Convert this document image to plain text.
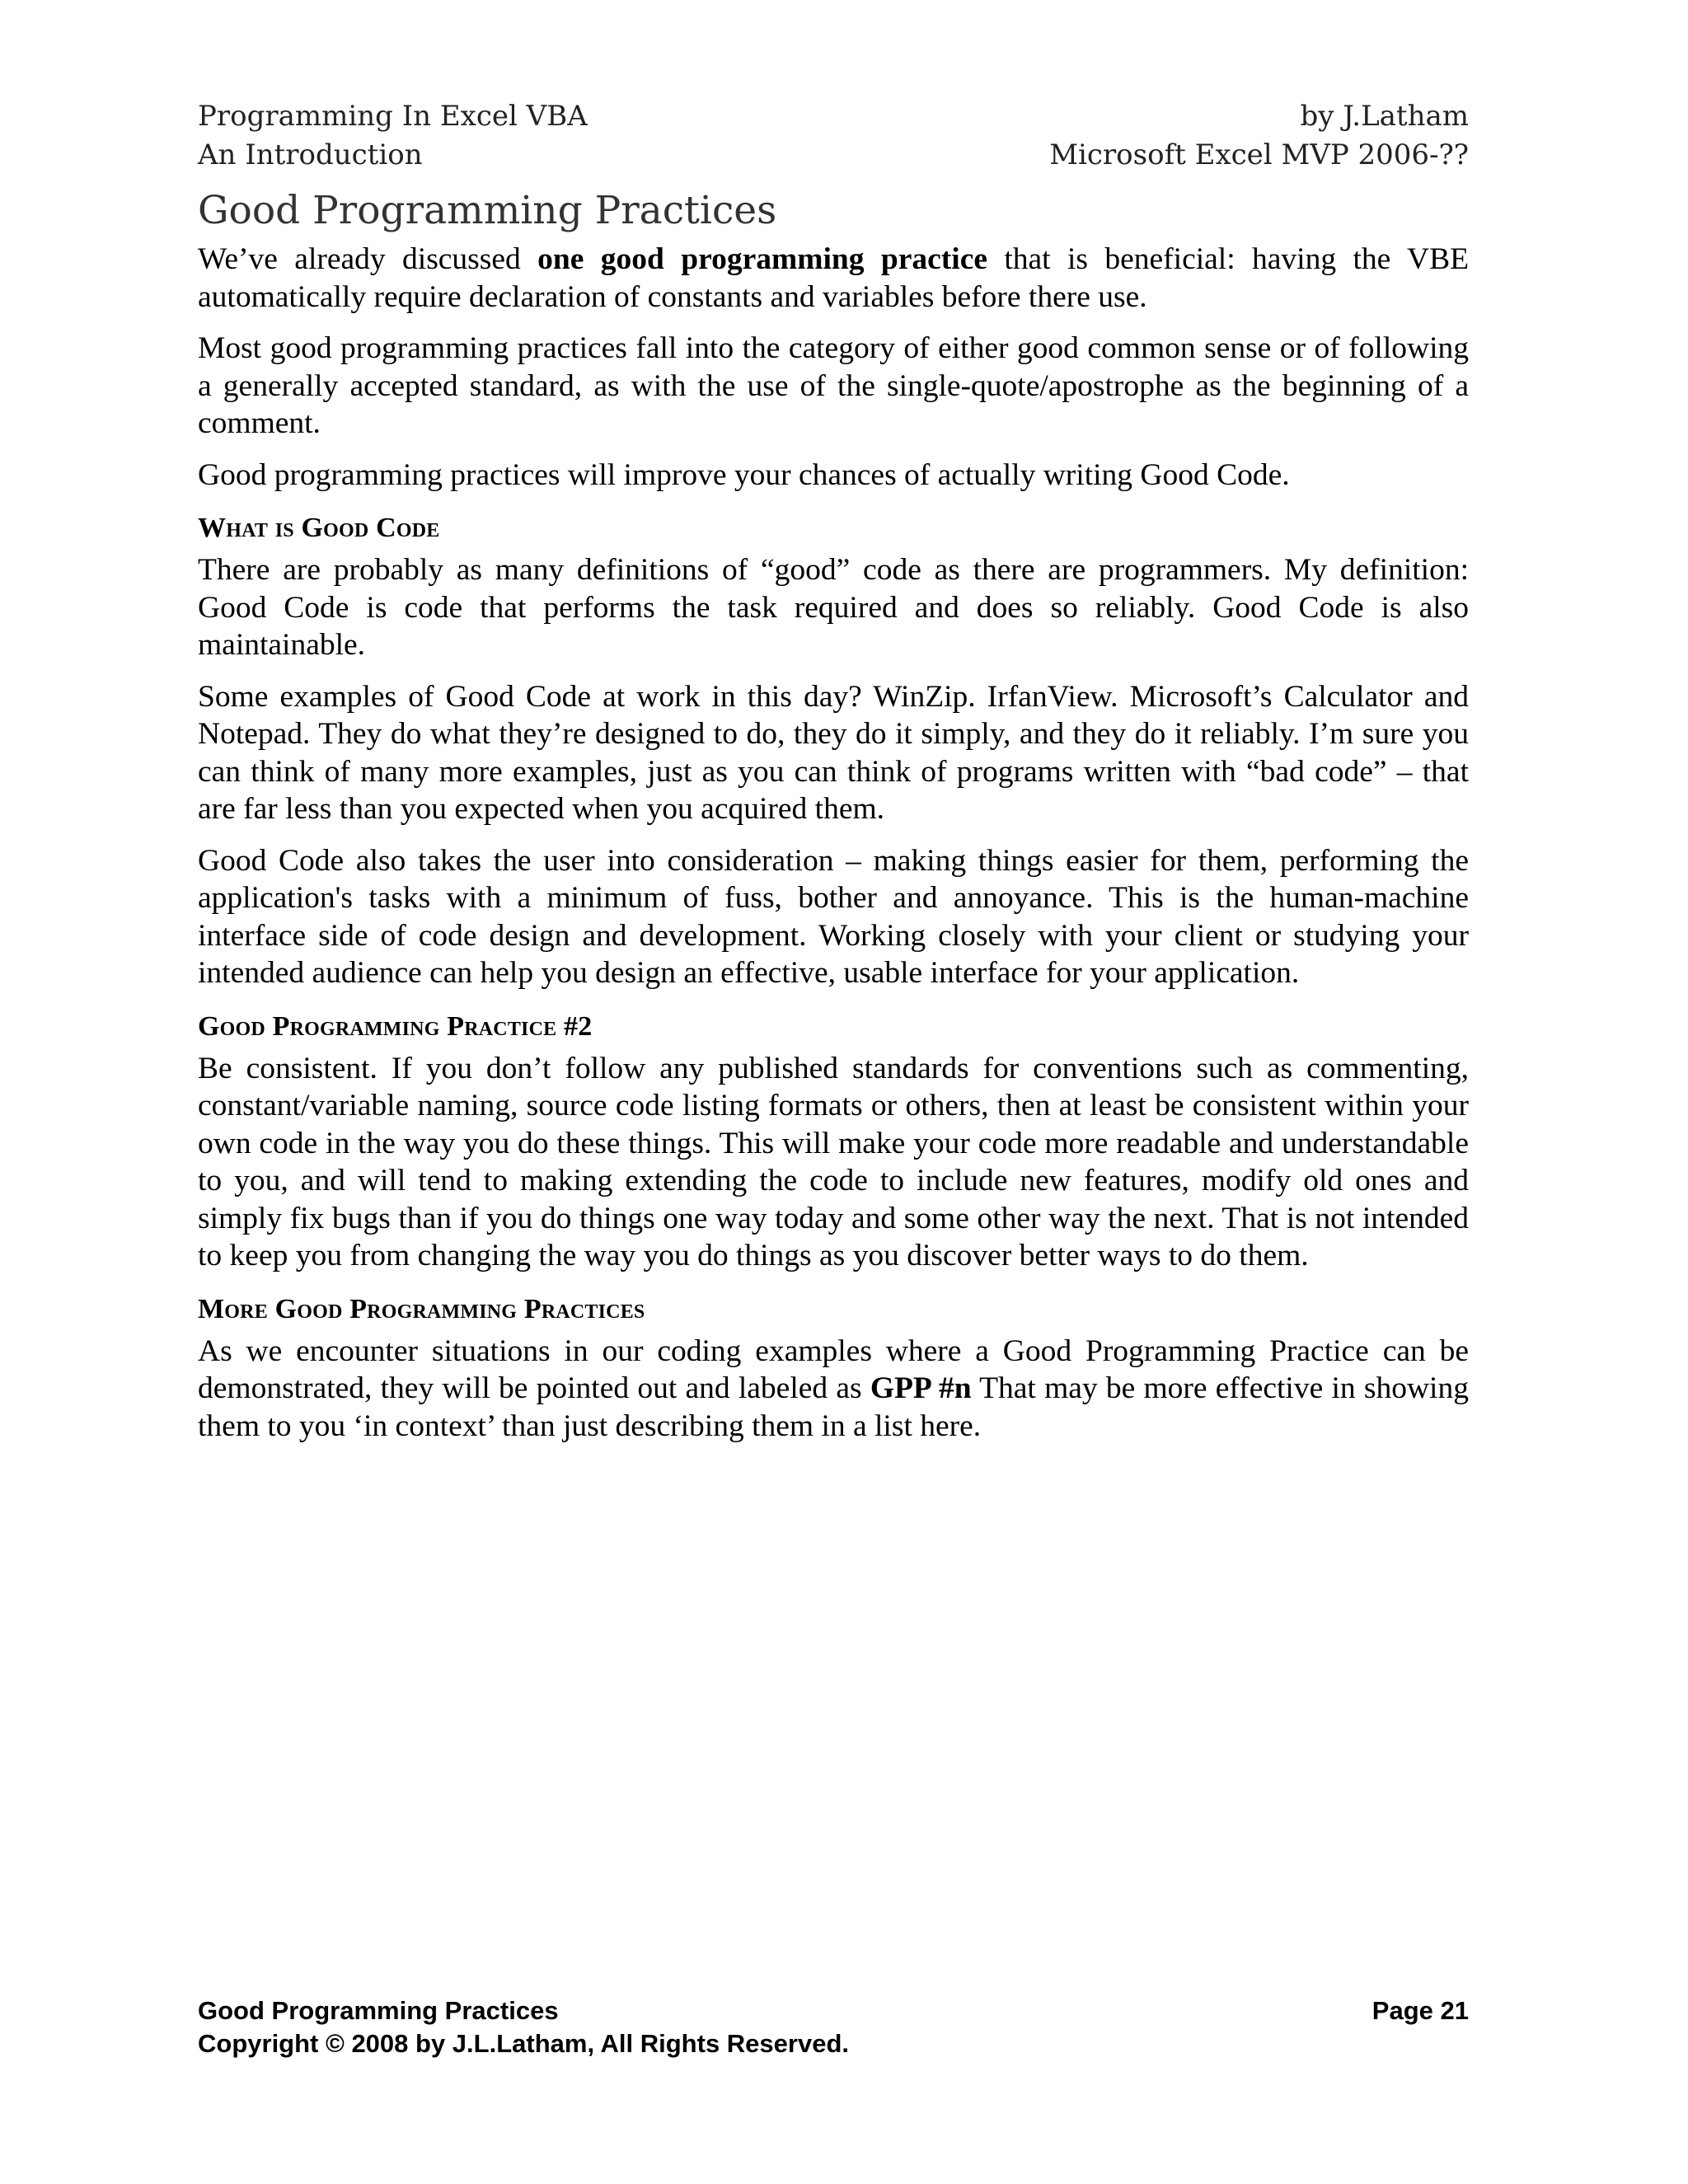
Programming In Excel VBA
An Introduction
by J.Latham
Microsoft Excel MVP 2006-??
Good Programming Practices

We’ve already discussed one good programming practice that is beneficial: having the VBE automatically require declaration of constants and variables before there use.

Most good programming practices fall into the category of either good common sense or of following a generally accepted standard, as with the use of the single-quote/apostrophe as the beginning of a comment.

Good programming practices will improve your chances of actually writing Good Code.

What is Good Code

There are probably as many definitions of “good” code as there are programmers. My definition: Good Code is code that performs the task required and does so reliably. Good Code is also maintainable.

Some examples of Good Code at work in this day? WinZip. IrfanView. Microsoft’s Calculator and Notepad. They do what they’re designed to do, they do it simply, and they do it reliably. I’m sure you can think of many more examples, just as you can think of programs written with “bad code” – that are far less than you expected when you acquired them.

Good Code also takes the user into consideration – making things easier for them, performing the application's tasks with a minimum of fuss, bother and annoyance. This is the human-machine interface side of code design and development. Working closely with your client or studying your intended audience can help you design an effective, usable interface for your application.

Good Programming Practice #2

Be consistent. If you don’t follow any published standards for conventions such as commenting, constant/variable naming, source code listing formats or others, then at least be consistent within your own code in the way you do these things. This will make your code more readable and understandable to you, and will tend to making extending the code to include new features, modify old ones and simply fix bugs than if you do things one way today and some other way the next. That is not intended to keep you from changing the way you do things as you discover better ways to do them.

More Good Programming Practices

As we encounter situations in our coding examples where a Good Programming Practice can be demonstrated, they will be pointed out and labeled as GPP #n That may be more effective in showing them to you ‘in context’ than just describing them in a list here.

Good Programming Practices	Page 21
Copyright © 2008 by J.L.Latham, All Rights Reserved.
